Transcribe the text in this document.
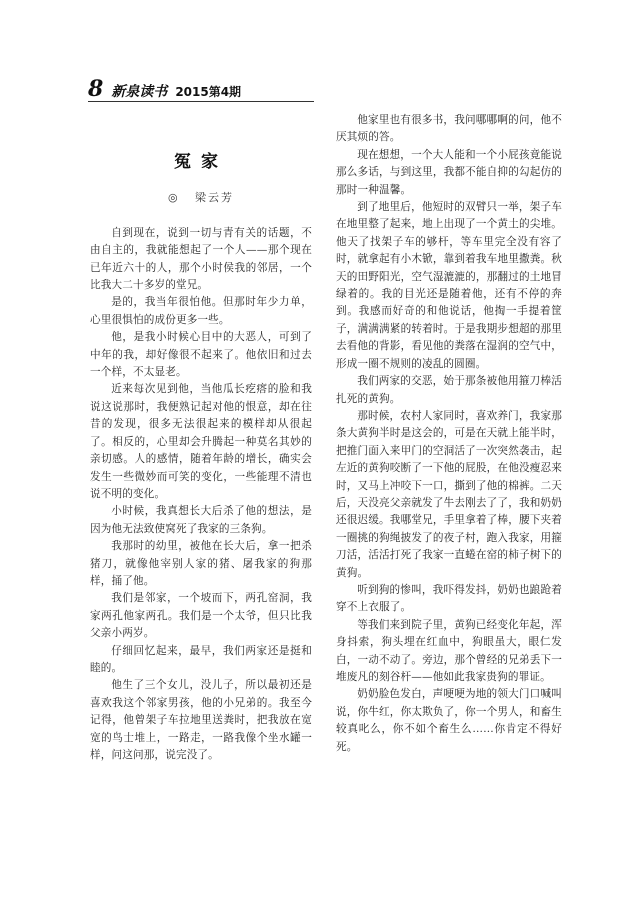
8 新泉读书 2015第4期
冤家
◎ 梁云芳

自到现在，说到一切与青有关的话题，不由自主的，我就能想起了一个人——那个现在已年近六十的人，那个小时侯我的邻居，一个比我大二十多岁的堂兄。

是的，我当年很怕他。但那时年少力单，心里很惧怕的成份更多一些。

他，是我小时候心目中的大恶人，可到了中年的我，却好像很不起来了。他依旧和过去一个样，不太显老。

近来每次见到他，当他瓜长疙瘩的脸和我说这说那时，我便熟记起对他的恨意，却在往昔的发现，很多无法很起来的模样却从很起了。相反的，心里却会升腾起一种莫名其妙的亲切感。人的感情，随着年龄的增长，确实会发生一些微妙而可笑的变化，一些能理不清也说不明的变化。

小时候，我真想长大后杀了他的想法，是因为他无法致使窝死了我家的三条狗。

我那时的幼里，被他在长大后，拿一把杀猪刀，就像他宰别人家的猪、屠我家的狗那样，捅了他。

我们是邻家，一个坡而下，两孔窑洞，我家两孔他家两孔。我们是一个太爷，但只比我父亲小两岁。

仔细回忆起来，最早，我们两家还是挺和睦的。

他生了三个女儿，没儿子，所以最初还是喜欢我这个邻家男孩，他的小兄弟的。我至今记得，他曾架子车拉地里送粪时，把我放在宽宽的鸟士堆上，一路走，一路我像个坐水罐一样，问这问那，说完没了。

他家里也有很多书，我问哪哪啊的问，他不厌其烦的答。

现在想想，一个大人能和一个小屁孩竟能说那么多话，与到这里，我都不能自抑的勾起仿的那时一种温馨。

到了地里后，他短时的双臂只一举，架子车在地里整了起来，地上出现了一个黄土的尖堆。他天了找架子车的够杆，等车里完全没有容了时，就拿起有小木锨，靠到着我车地里撒粪。秋天的田野阳光，空气湿漉漉的，那翻过的土地冒绿着的。我的目光还是随着他，还有不停的奔到。我感而好奇的和他说话，他掏一手提着筐子，满满满紧的转着时。于是我期步想超的那里去看他的背影，看见他的粪落在湿润的空气中，形成一圈不规则的凌乱的圆圈。

我们两家的交恶，始于那条被他用箍刀棒活扎死的黄狗。

那时候，农村人家同时，喜欢养门，我家那条大黄狗半时是这会的，可是在天就上能半时，把推门面入来甲门的空洞活了一次突然袭击，起左近的黄狗咬断了一下他的屁股，在他没瘦忍来时，又马上冲咬下一口，撕到了他的棉裤。二天后，天没亮父亲就发了牛去刚去了了，我和奶奶还很迟缓。我哪堂兄，手里拿着了棒，腰下夹着一圈挑的狗绳披发了的夜子村，跑入我家，用箍刀活，活活打死了我家一直蜷在窑的柿子树下的黄狗。

听到狗的惨叫，我吓得发抖，奶奶也踉跄着穿不上衣服了。

等我们来到院子里，黄狗已经变化年起，浑身抖索，狗头埋在红血中，狗眼虽大，眼仁发白，一动不动了。旁边，那个曾经的兄弟丢下一堆废凡的刻谷杆——他如此我家贵狗的罪证。

奶奶脸色发白，声哽哽为地的领大门口喊叫说，你牛红，你太欺负了，你一个男人，和畜生较真叱么，你不如个畜生么……你肯定不得好死。
